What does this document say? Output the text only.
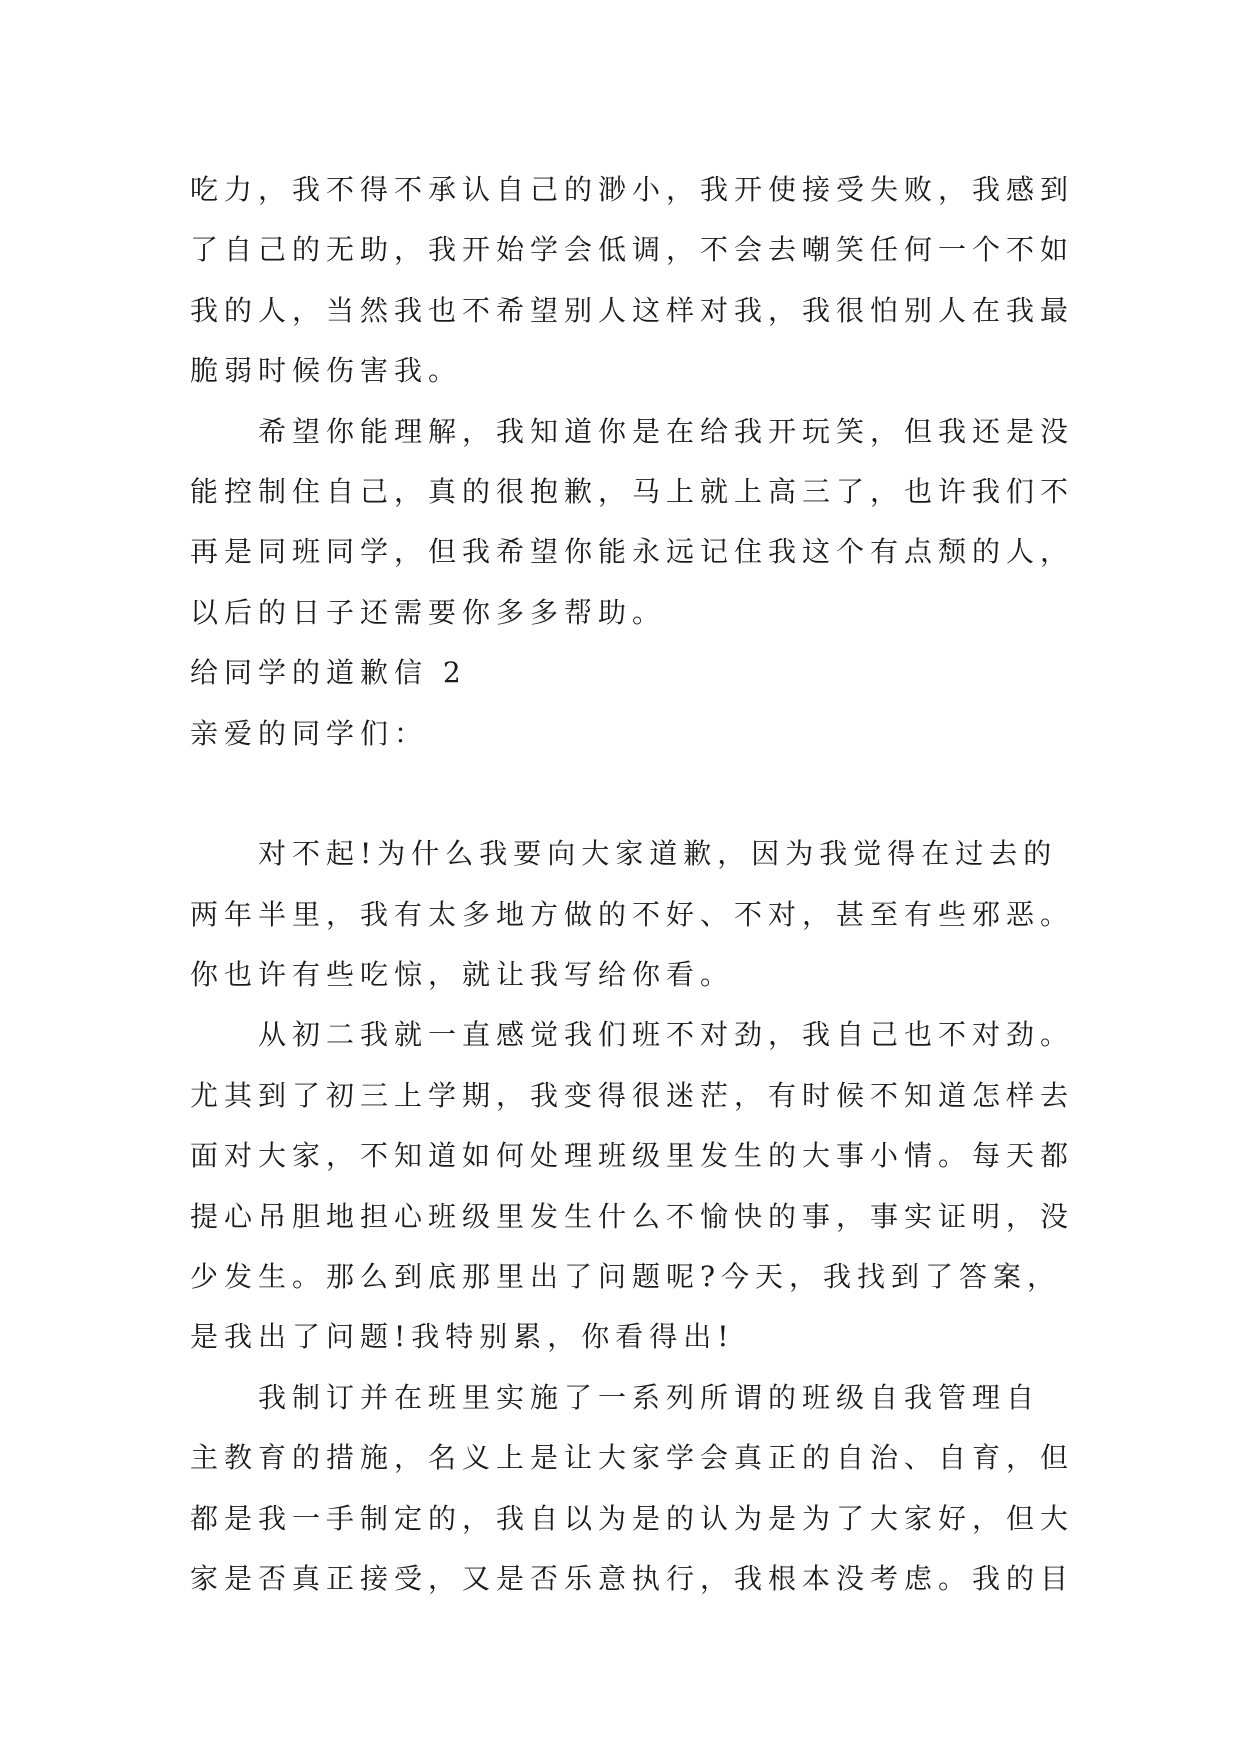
吃力，我不得不承认自己的渺小，我开使接受失败，我感到
了自己的无助，我开始学会低调，不会去嘲笑任何一个不如
我的人，当然我也不希望别人这样对我，我很怕别人在我最
脆弱时候伤害我。
　　希望你能理解，我知道你是在给我开玩笑，但我还是没
能控制住自己，真的很抱歉，马上就上高三了，也许我们不
再是同班同学，但我希望你能永远记住我这个有点颓的人，
以后的日子还需要你多多帮助。
给同学的道歉信 2
亲爱的同学们：
　　对不起!为什么我要向大家道歉，因为我觉得在过去的
两年半里，我有太多地方做的不好、不对，甚至有些邪恶。
你也许有些吃惊，就让我写给你看。
　　从初二我就一直感觉我们班不对劲，我自己也不对劲。
尤其到了初三上学期，我变得很迷茫，有时候不知道怎样去
面对大家，不知道如何处理班级里发生的大事小情。每天都
提心吊胆地担心班级里发生什么不愉快的事，事实证明，没
少发生。那么到底那里出了问题呢?今天，我找到了答案，
是我出了问题!我特别累，你看得出!
　　我制订并在班里实施了一系列所谓的班级自我管理自
主教育的措施，名义上是让大家学会真正的自治、自育，但
都是我一手制定的，我自以为是的认为是为了大家好，但大
家是否真正接受，又是否乐意执行，我根本没考虑。我的目
